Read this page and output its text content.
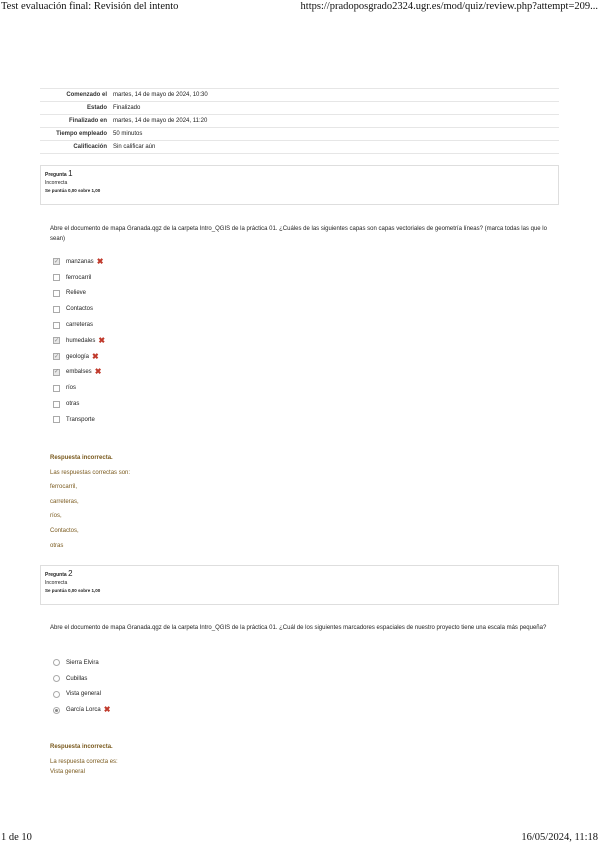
Test evaluación final: Revisión del intento	https://pradoposgrado2324.ugr.es/mod/quiz/review.php?attempt=209...
Comenzado el	martes, 14 de mayo de 2024, 10:30
Estado	Finalizado
Finalizado en	martes, 14 de mayo de 2024, 11:20
Tiempo empleado	50 minutos
Calificación	Sin calificar aún
Pregunta 1
Incorrecta
Se puntúa 0,00 sobre 1,00
Abre el documento de mapa Granada.qgz de la carpeta Intro_QGIS de la práctica 01. ¿Cuáles de las siguientes capas son capas vectoriales de geometría líneas? (marca todas las que lo sean)
✓ manzanas ✖
ferrocarril
Relieve
Contactos
carreteras
✓ humedales ✖
✓ geología ✖
✓ embalses ✖
ríos
otras
Transporte
Respuesta incorrecta.
Las respuestas correctas son:
ferrocarril,
carreteras,
ríos,
Contactos,
otras
Pregunta 2
Incorrecta
Se puntúa 0,00 sobre 1,00
Abre el documento de mapa Granada.qgz de la carpeta Intro_QGIS de la práctica 01. ¿Cuál de los siguientes marcadores espaciales de nuestro proyecto tiene una escala más pequeña?
Sierra Elvira
Cubillas
Vista general
García Lorca ✖
Respuesta incorrecta.
La respuesta correcta es:
Vista general
1 de 10	16/05/2024, 11:18
